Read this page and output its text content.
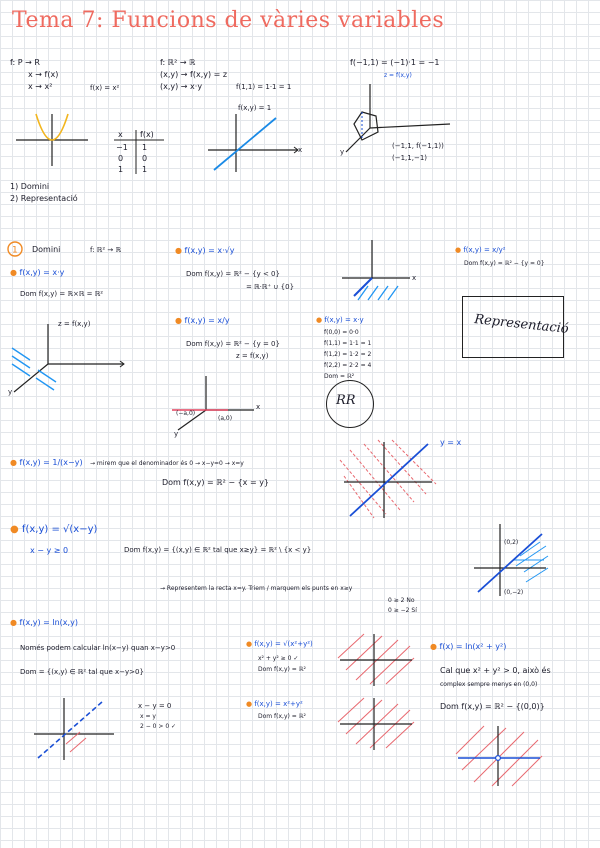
Tema 7: Funcions de vàries variables
f: P → R
x → f(x)
x → x²	f(x) = x²
f: ℝ² → ℝ
(x,y) → f(x,y) = z
(x,y) → x·y	f(1,1) = 1·1 = 1
f(−1,1) = (−1)·1 = −1
x f(x)
−1 1
0 0
1 1
f(x,y) = 1
x
z = f(x,y)
y
(−1,1, f(−1,1))
(−1,1,−1)
1) Domini
2) Representació
1 Domini	f: ℝ² → ℝ
● f(x,y) = x·y
Dom f(x,y) = ℝ×ℝ = ℝ²
z = f(x,y)
y
● f(x,y) = x·√y
Dom f(x,y) = ℝ² − {y < 0}
= ℝ·ℝ⁺ ∪ {0}
x
● f(x,y) = x/y²
Dom f(x,y) = ℝ² − {y = 0}
Representació
● f(x,y) = x/y
Dom f(x,y) = ℝ² − {y = 0}
z = f(x,y)
(−a,0)
(a,0)
y
x
● f(x,y) = x·y
f(0,0) = 0·0
f(1,1) = 1·1 = 1
f(1,2) = 1·2 = 2
f(2,2) = 2·2 = 4
Dom = ℝ²
RR
● f(x,y) = 1/(x−y) → mirem que el denominador és 0 → x−y=0 → x=y
Dom f(x,y) = ℝ² − {x = y}
y = x
● f(x,y) = √(x−y)
x − y ≥ 0	Dom f(x,y) = {(x,y) ∈ ℝ² tal que x≥y} = ℝ² \ {x < y}
→ Representem la recta x=y. Triem / marquem els punts en x≥y
0 ≥ 2 No
0 ≥ −2 Sí
(0,2)
(0,−2)
● f(x,y) = ln(x,y)
Només podem calcular ln(x−y) quan x−y>0
Dom = {(x,y) ∈ ℝ² tal que x−y>0}
x − y = 0
x = y
2 − 0 > 0 ✓
● f(x,y) = √(x²+y²)
x² + y² ≥ 0 ✓
Dom f(x,y) = ℝ²
● f(x,y) = x²+y²
Dom f(x,y) = ℝ²
● f(x) = ln(x² + y²)
Cal que x² + y² > 0, això és
complex sempre menys en (0,0)
Dom f(x,y) = ℝ² − {(0,0)}
